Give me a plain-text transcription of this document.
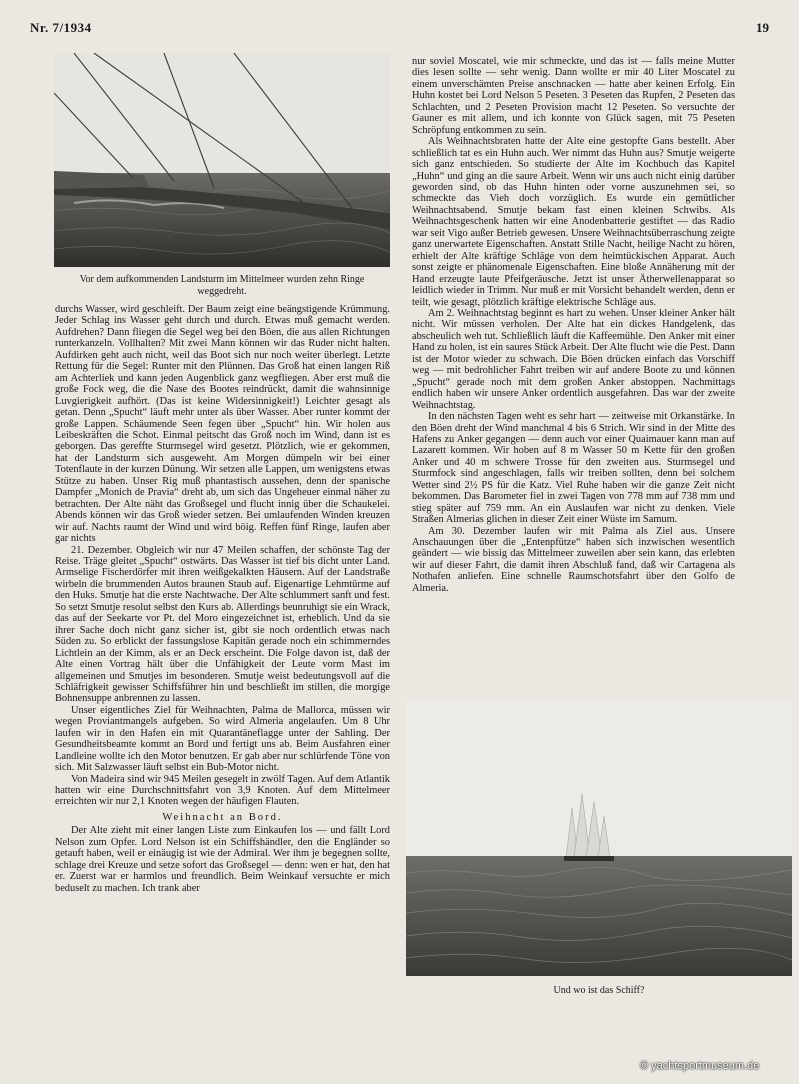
Nr. 7/1934	19
Vor dem aufkommenden Landsturm im Mittelmeer wurden zehn Ringe weggedreht.

durchs Wasser, wird geschleift. Der Baum zeigt eine beängstigende Krümmung. Jeder Schlag ins Wasser geht durch und durch. Etwas muß gemacht werden. Aufdrehen? Dann fliegen die Segel weg bei den Böen, die aus allen Richtungen runterkanzeln. Vollhalten? Mit zwei Mann können wir das Ruder nicht halten. Aufdirken geht auch nicht, weil das Boot sich nur noch weiter überlegt. Letzte Rettung für die Segel: Runter mit den Plünnen. Das Groß hat einen langen Riß am Achterliek und kann jeden Augenblick ganz wegfliegen. Aber erst muß die große Fock weg, die die Nase des Bootes reindrückt, damit die wahnsinnige Luvgierigkeit aufhört. (Das ist keine Widersinnigkeit!) Leichter gesagt als getan. Denn „Spucht“ läuft mehr unter als über Wasser. Aber runter kommt der große Lappen. Schäumende Seen fegen über „Spucht“ hin. Wir holen aus Leibeskräften die Schot. Einmal peitscht das Groß noch im Wind, dann ist es geborgen. Das gereffte Sturmsegel wird gesetzt. Plötzlich, wie er gekommen, hat der Landsturm sich ausgeweht. Am Morgen dümpeln wir bei einer Totenflaute in der kurzen Dünung. Wir setzen alle Lappen, um wenigstens etwas Stütze zu haben. Unser Rig muß phantastisch aussehen, denn der spanische Dampfer „Monich de Pravia“ dreht ab, um sich das Ungeheuer einmal näher zu betrachten. Der Alte näht das Großsegel und flucht innig über die Schaukelei. Abends können wir das Groß wieder setzen. Bei umlaufenden Winden kreuzen wir auf. Nachts raumt der Wind und wird böig. Reffen fünf Ringe, laufen aber gar nichts

21. Dezember. Obgleich wir nur 47 Meilen schaffen, der schönste Tag der Reise. Träge gleitet „Spucht“ ostwärts. Das Wasser ist tief bis dicht unter Land. Armselige Fischerdörfer mit ihren weißgekalkten Häusern. Auf der Landstraße wirbeln die brummenden Autos braunen Staub auf. Eigenartige Lehmtürme auf den Huks. Smutje hat die erste Nachtwache. Der Alte schlummert sanft und fest. So setzt Smutje resolut selbst den Kurs ab. Allerdings beunruhigt sie ein Wrack, das auf der Seekarte vor Pt. del Moro eingezeichnet ist, erheblich. Und da sie ihrer Sache doch nicht ganz sicher ist, gibt sie noch ordentlich etwas nach Süden zu. So erblickt der fassungslose Kapitän gerade noch ein schimmerndes Lichtlein an der Kimm, als er an Deck erscheint. Die Folge davon ist, daß der Alte einen Vortrag hält über die Unfähigkeit der Leute vorm Mast im allgemeinen und Smutjes im besonderen. Smutje weist bedeutungsvoll auf die Schläfrigkeit gewisser Schiffsführer hin und beschließt im stillen, die morgige Bohnensuppe anbrennen zu lassen.

Unser eigentliches Ziel für Weihnachten, Palma de Mallorca, müssen wir wegen Proviantmangels aufgeben. So wird Almeria angelaufen. Um 8 Uhr laufen wir in den Hafen ein mit Quarantäneflagge unter der Sahling. Der Gesundheitsbeamte kommt an Bord und fertigt uns ab. Beim Ausfahren einer Landleine wollte ich den Motor benutzen. Er gab aber nur schlürfende Töne von sich. Mit Salzwasser läuft selbst ein Bub-Motor nicht.

Von Madeira sind wir 945 Meilen gesegelt in zwölf Tagen. Auf dem Atlantik hatten wir eine Durchschnittsfahrt von 3,9 Knoten. Auf dem Mittelmeer erreichten wir nur 2,1 Knoten wegen der häufigen Flauten.

Weihnacht an Bord.

Der Alte zieht mit einer langen Liste zum Einkaufen los — und fällt Lord Nelson zum Opfer. Lord Nelson ist ein Schiffshändler, den die Engländer so getauft haben, weil er einäugig ist wie der Admiral. Wer ihm je begegnen sollte, schlage drei Kreuze und setze sofort das Großsegel — denn: wen er hat, den hat er. Zuerst war er harmlos und freundlich. Beim Weinkauf versuchte er mich beduselt zu machen. Ich trank aber

nur soviel Moscatel, wie mir schmeckte, und das ist — falls meine Mutter dies lesen sollte — sehr wenig. Dann wollte er mir 40 Liter Moscatel zu einem unverschämten Preise anschnacken — hatte aber keinen Erfolg. Ein Huhn kostet bei Lord Nelson 5 Peseten. 3 Peseten das Rupfen, 2 Peseten das Schlachten, und 2 Peseten Provision macht 12 Peseten. So versuchte der Gauner es mit allem, und ich konnte von Glück sagen, mit 75 Peseten Schröpfung entkommen zu sein.

Als Weihnachtsbraten hatte der Alte eine gestopfte Gans bestellt. Aber schließlich tat es ein Huhn auch. Wer nimmt das Huhn aus? Smutje weigerte sich ganz entschieden. So studierte der Alte im Kochbuch das Kapitel „Huhn“ und ging an die saure Arbeit. Wenn wir uns auch nicht einig darüber geworden sind, ob das Huhn hinten oder vorne auszunehmen sei, so schmeckte das Vieh doch vorzüglich. Es wurde ein gemütlicher Weihnachtsabend. Smutje bekam fast einen kleinen Schwibs. Als Weihnachtsgeschenk hatten wir eine Anodenbatterie gestiftet — das Radio war seit Vigo außer Betrieb gewesen. Unsere Weihnachtsüberraschung zeigte ganz unerwartete Eigenschaften. Anstatt Stille Nacht, heilige Nacht zu hören, erhielt der Alte kräftige Schläge von dem heimtückischen Apparat. Auch sonst zeigte er phänomenale Eigenschaften. Eine bloße Annäherung mit der Hand erzeugte laute Pfeifgeräusche. Jetzt ist unser Ätherwellenapparat so leidlich wieder in Trimm. Nur muß er mit Vorsicht behandelt werden, denn er teilt, wie gesagt, plötzlich kräftige elektrische Schläge aus.

Am 2. Weihnachtstag beginnt es hart zu wehen. Unser kleiner Anker hält nicht. Wir müssen verholen. Der Alte hat ein dickes Handgelenk, das abscheulich weh tut. Schließlich läuft die Kaffeemühle. Den Anker mit einer Hand zu holen, ist ein saures Stück Arbeit. Der Alte flucht wie die Pest. Dann ist der Motor wieder zu schwach. Die Böen drücken einfach das Vorschiff weg — mit bedrohlicher Fahrt treiben wir auf andere Boote zu und können „Spucht“ gerade noch mit dem großen Anker abstoppen. Nachmittags endlich haben wir unsere Anker ordentlich ausgefahren. Das war der zweite Weihnachtstag.

In den nächsten Tagen weht es sehr hart — zeitweise mit Orkanstärke. In den Böen dreht der Wind manchmal 4 bis 6 Strich. Wir sind in der Mitte des Hafens zu Anker gegangen — denn auch vor einer Quaimauer kann man auf Lazarett kommen. Wir hoben auf 8 m Wasser 50 m Kette für den großen Anker und 40 m schwere Trosse für den zweiten aus. Sturmsegel und Sturmfock sind angeschlagen, falls wir treiben sollten, denn bei solchem Wetter sind 2½ PS für die Katz. Viel Ruhe haben wir die ganze Zeit nicht bekommen. Das Barometer fiel in zwei Tagen von 778 mm auf 738 mm und stieg später auf 759 mm. An ein Auslaufen war nicht zu denken. Viele Straßen Almerias glichen in dieser Zeit einer Wüste im Samum.

Am 30. Dezember laufen wir mit Palma als Ziel aus. Unsere Anschauungen über die „Entenpfütze“ haben sich inzwischen wesentlich geändert — wie bissig das Mittelmeer zuweilen aber sein kann, das erlebten wir auf dieser Fahrt, die damit ihren Abschluß fand, daß wir Cartagena als Nothafen anliefen. Eine schnelle Raumschotsfahrt über den Golfo de Almeria.

Und wo ist das Schiff?
© yachtsportmuseum.de
